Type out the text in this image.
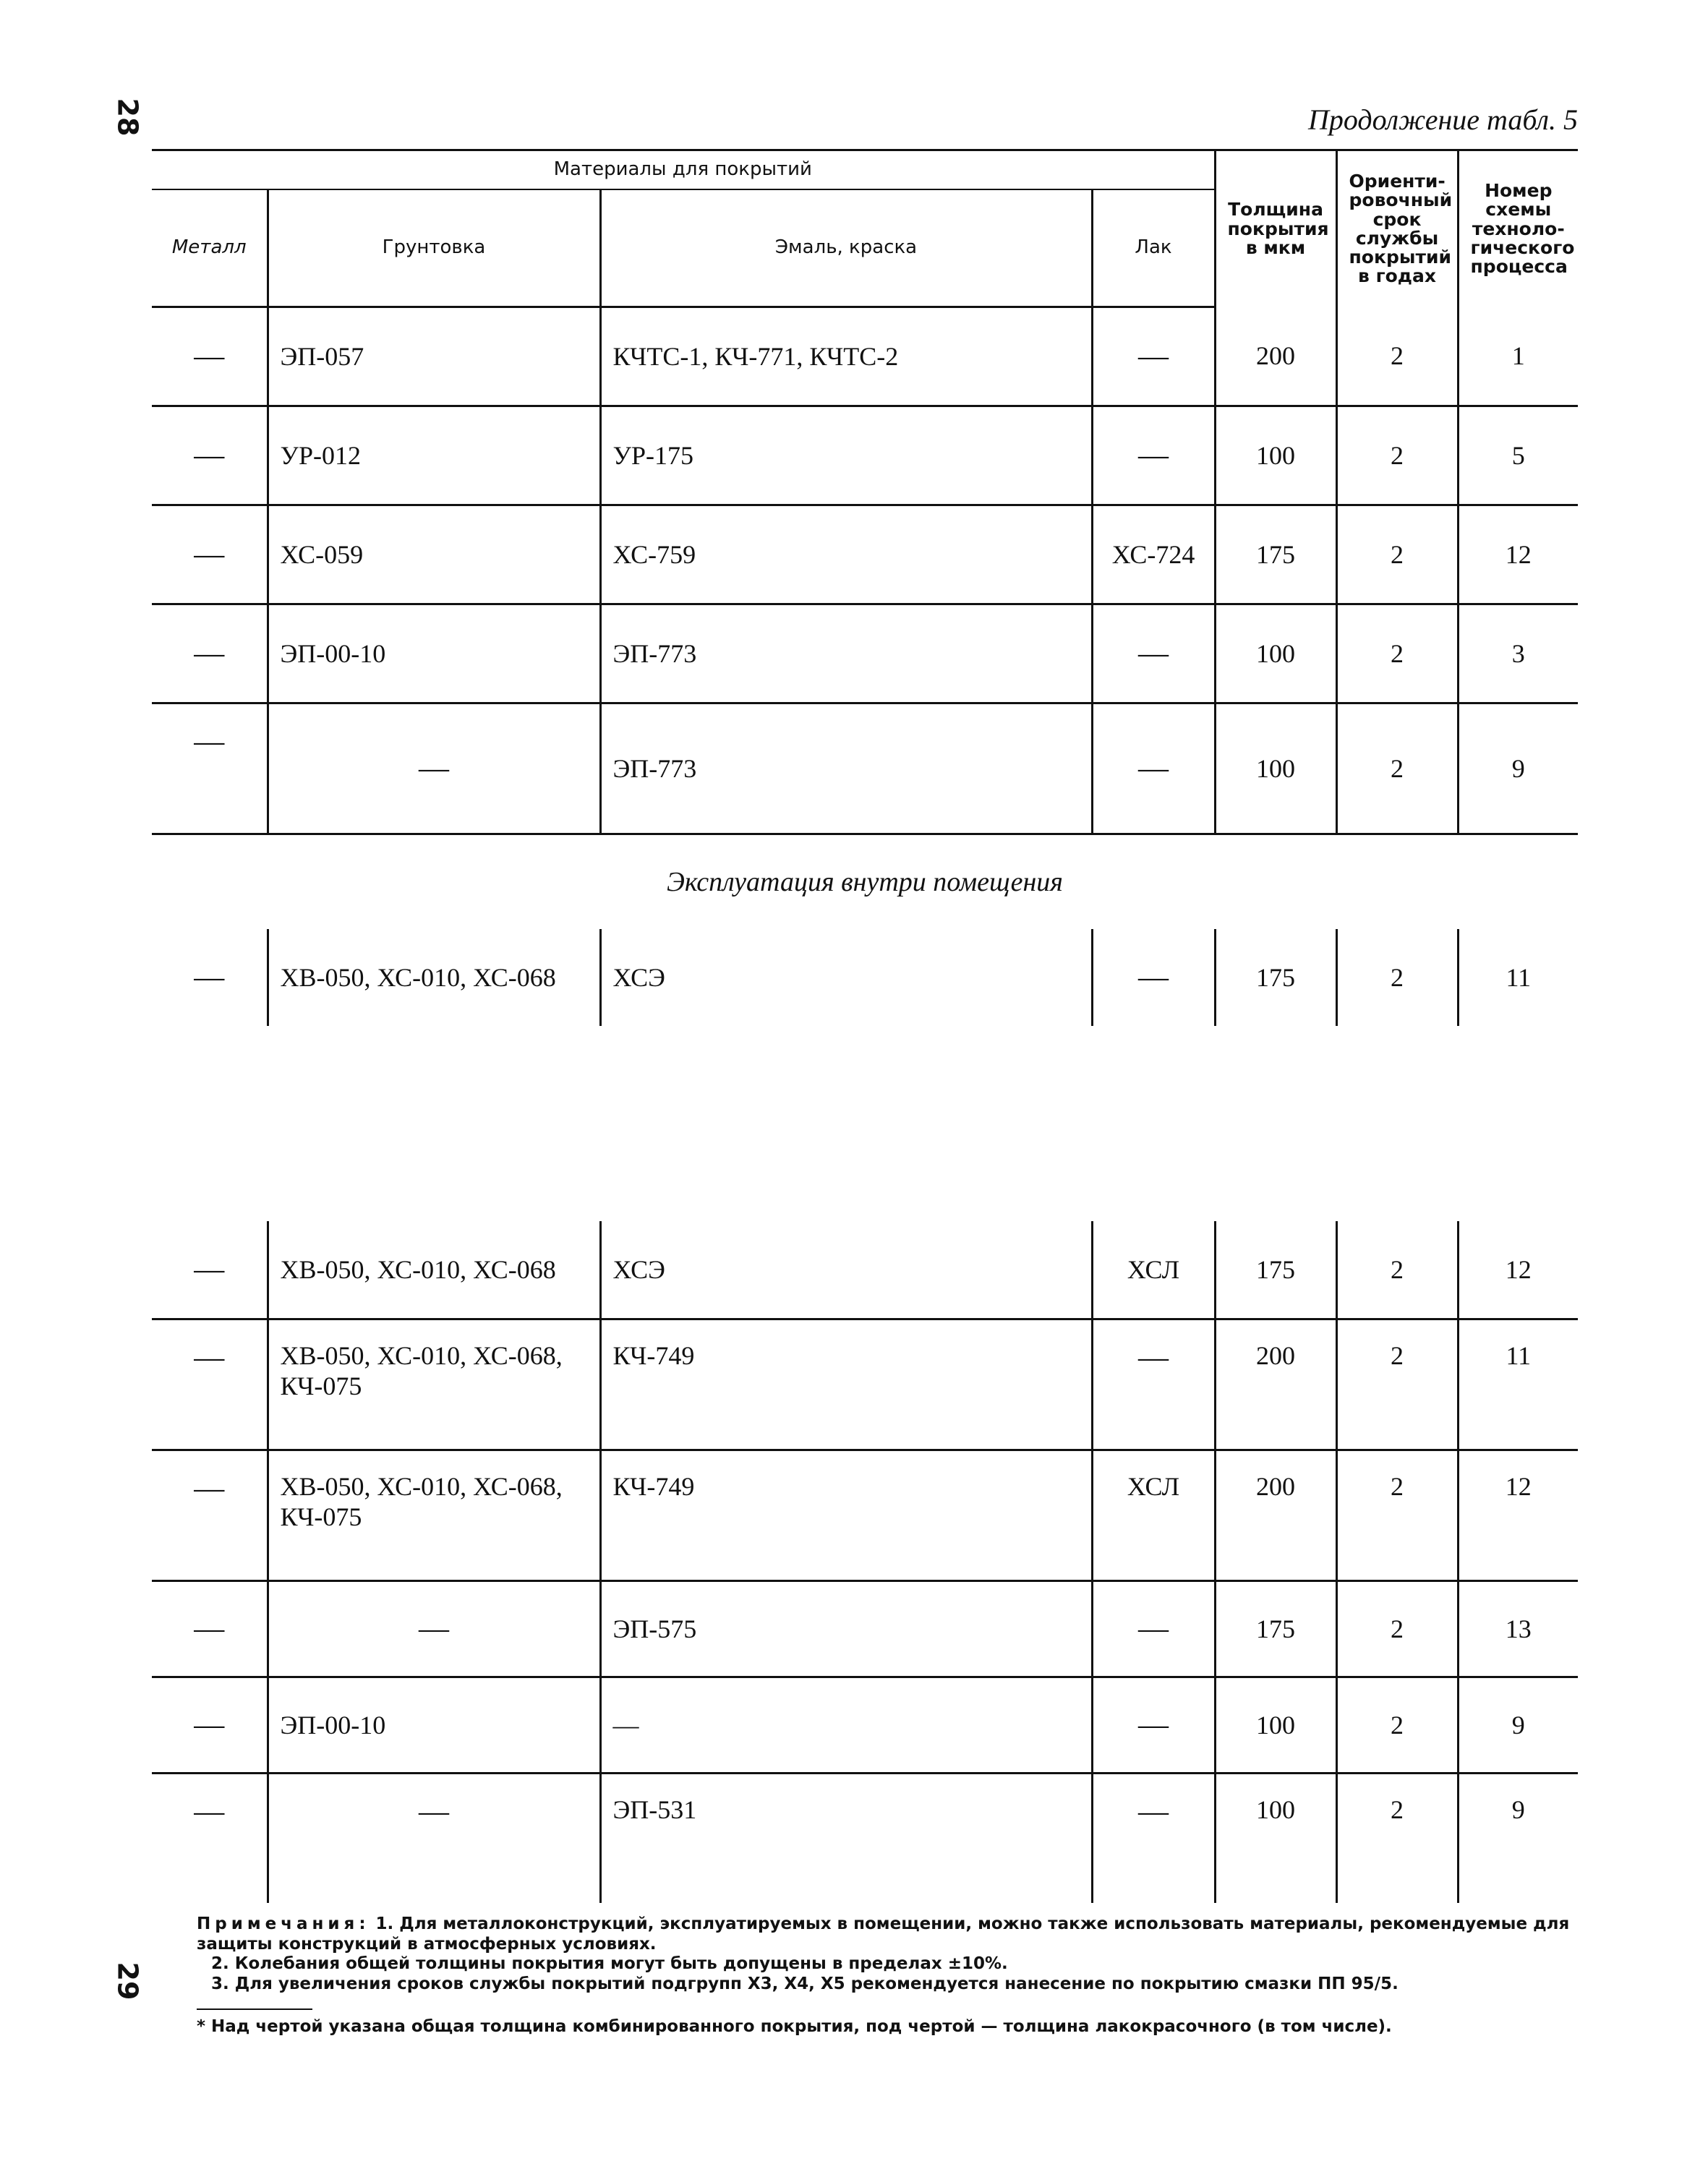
28	Продолжение табл. 5
Материалы для покрытий				Толщина покрытия в мкм	Ориенти-ровочный срок службы покрытий в годах	Номер схемы техноло-гического процесса
Металл	Грунтовка	Эмаль, краска	Лак			
—	ЭП-057	КЧТС-1, КЧ-771, КЧТС-2	—	200	2	1
—	УР-012	УР-175	—	100	2	5
—	ХС-059	ХС-759	ХС-724	175	2	12
—	ЭП-00-10	ЭП-773	—	100	2	3
—	—	ЭП-773	—	100	2	9
Эксплуатация внутри помещения						
—	ХВ-050, ХС-010, ХС-068	ХСЭ	—	175	2	11

—	ХВ-050, ХС-010, ХС-068	ХСЭ	ХСЛ	175	2	12
—	ХВ-050, ХС-010, ХС-068, КЧ-075	КЧ-749	—	200	2	11
—	ХВ-050, ХС-010, ХС-068, КЧ-075	КЧ-749	ХСЛ	200	2	12
—	—	ЭП-575	—	175	2	13
—	ЭП-00-10	—	—	100	2	9
—	—	ЭП-531	—	100	2	9

Примечания: 1. Для металлоконструкций, эксплуатируемых в помещении, можно также использовать материалы, рекомендуемые для защиты конструкций в атмосферных условиях.

2. Колебания общей толщины покрытия могут быть допущены в пределах ±10%.

3. Для увеличения сроков службы покрытий подгрупп Х3, Х4, Х5 рекомендуется нанесение по покрытию смазки ПП 95/5.

* Над чертой указана общая толщина комбинированного покрытия, под чертой — толщина лакокрасочного (в том числе).
29
